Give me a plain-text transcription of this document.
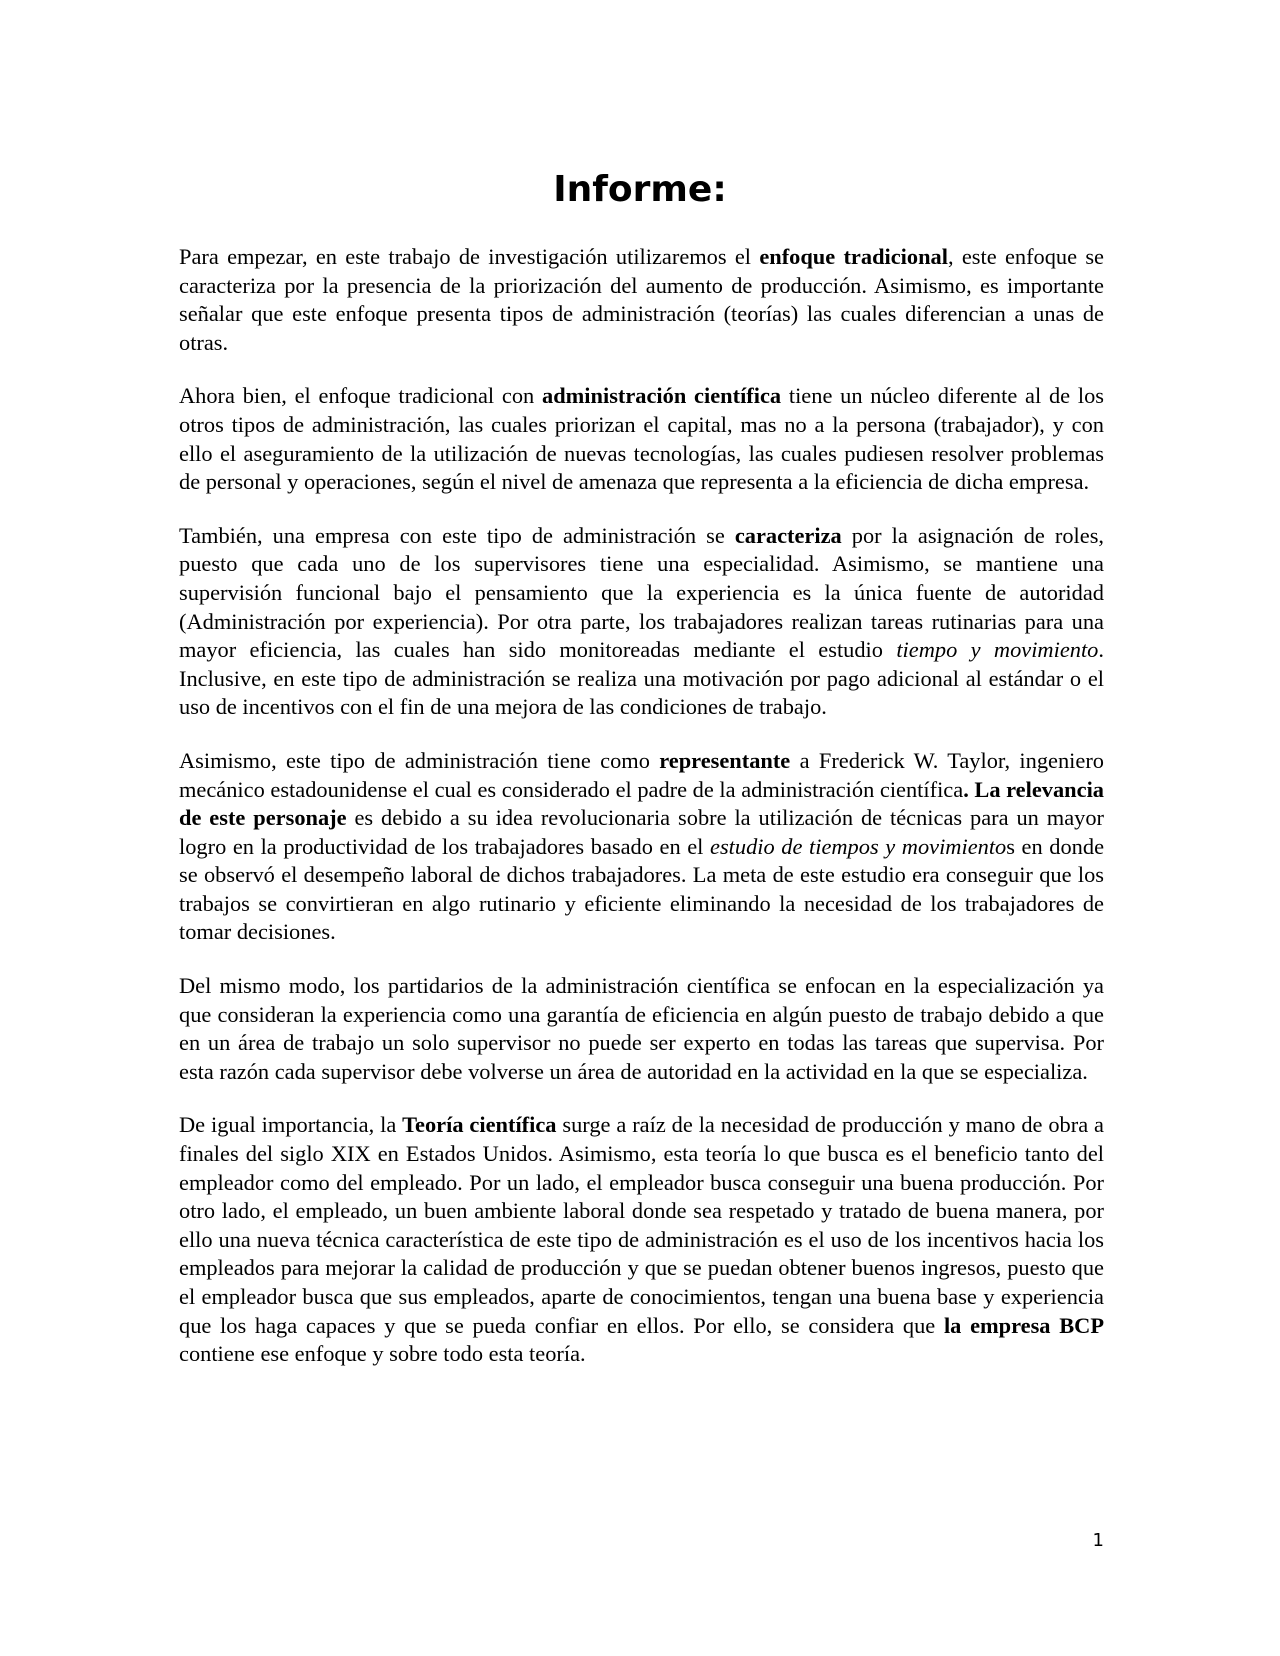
Informe:

Para empezar, en este trabajo de investigación utilizaremos el enfoque tradicional, este enfoque se caracteriza por la presencia de la priorización del aumento de producción. Asimismo, es importante señalar que este enfoque presenta tipos de administración (teorías) las cuales diferencian a unas de otras.

Ahora bien, el enfoque tradicional con administración científica tiene un núcleo diferente al de los otros tipos de administración, las cuales priorizan el capital, mas no a la persona (trabajador), y con ello el aseguramiento de la utilización de nuevas tecnologías, las cuales pudiesen resolver problemas de personal y operaciones, según el nivel de amenaza que representa a la eficiencia de dicha empresa.

También, una empresa con este tipo de administración se caracteriza por la asignación de roles, puesto que cada uno de los supervisores tiene una especialidad. Asimismo, se mantiene una supervisión funcional bajo el pensamiento que la experiencia es la única fuente de autoridad (Administración por experiencia). Por otra parte, los trabajadores realizan tareas rutinarias para una mayor eficiencia, las cuales han sido monitoreadas mediante el estudio tiempo y movimiento. Inclusive, en este tipo de administración se realiza una motivación por pago adicional al estándar o el uso de incentivos con el fin de una mejora de las condiciones de trabajo.

Asimismo, este tipo de administración tiene como representante a Frederick W. Taylor, ingeniero mecánico estadounidense el cual es considerado el padre de la administración científica. La relevancia de este personaje es debido a su idea revolucionaria sobre la utilización de técnicas para un mayor logro en la productividad de los trabajadores basado en el estudio de tiempos y movimientos en donde se observó el desempeño laboral de dichos trabajadores. La meta de este estudio era conseguir que los trabajos se convirtieran en algo rutinario y eficiente eliminando la necesidad de los trabajadores de tomar decisiones.

Del mismo modo, los partidarios de la administración científica se enfocan en la especialización ya que consideran la experiencia como una garantía de eficiencia en algún puesto de trabajo debido a que en un área de trabajo un solo supervisor no puede ser experto en todas las tareas que supervisa. Por esta razón cada supervisor debe volverse un área de autoridad en la actividad en la que se especializa.

De igual importancia, la Teoría científica surge a raíz de la necesidad de producción y mano de obra a finales del siglo XIX en Estados Unidos. Asimismo, esta teoría lo que busca es el beneficio tanto del empleador como del empleado. Por un lado, el empleador busca conseguir una buena producción. Por otro lado, el empleado, un buen ambiente laboral donde sea respetado y tratado de buena manera, por ello una nueva técnica característica de este tipo de administración es el uso de los incentivos hacia los empleados para mejorar la calidad de producción y que se puedan obtener buenos ingresos, puesto que el empleador busca que sus empleados, aparte de conocimientos, tengan una buena base y experiencia que los haga capaces y que se pueda confiar en ellos. Por ello, se considera que la empresa BCP contiene ese enfoque y sobre todo esta teoría.

1
